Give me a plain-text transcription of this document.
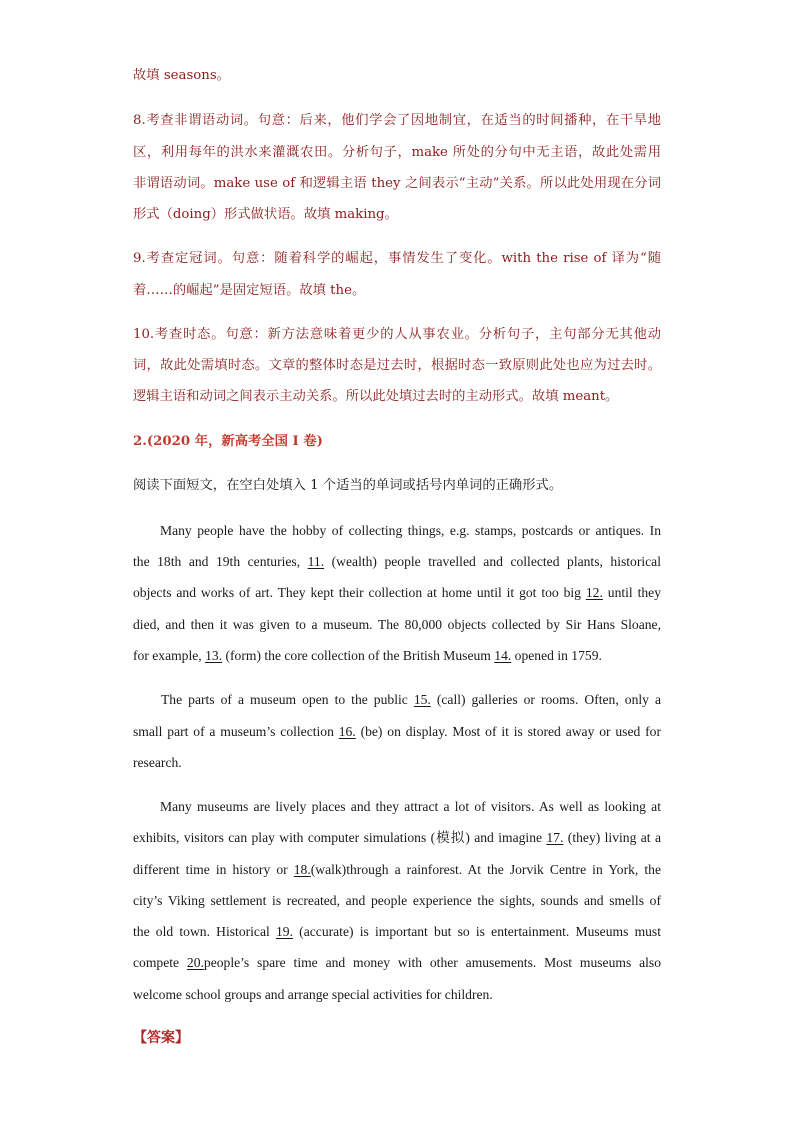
故填 seasons。
8.考查非谓语动词。句意：后来，他们学会了因地制宜，在适当的时间播种，在干旱地
区，利用每年的洪水来灌溉农田。分析句子，make 所处的分句中无主语，故此处需用
非谓语动词。make use of 和逻辑主语 they 之间表示“主动”关系。所以此处用现在分词
形式（doing）形式做状语。故填 making。
9.考查定冠词。句意：随着科学的崛起，事情发生了变化。with the rise of 译为“随
着……的崛起”是固定短语。故填 the。
10.考查时态。句意：新方法意味着更少的人从事农业。分析句子，主句部分无其他动
词，故此处需填时态。文章的整体时态是过去时，根据时态一致原则此处也应为过去时。
逻辑主语和动词之间表示主动关系。所以此处填过去时的主动形式。故填 meant。
2.(2020 年，新高考全国 I 卷)
阅读下面短文，在空白处填入 1 个适当的单词或括号内单词的正确形式。
Many people have the hobby of collecting things, e.g. stamps, postcards or antiques. In
the 18th and 19th centuries, 11. (wealth) people travelled and collected plants, historical
objects and works of art. They kept their collection at home until it got too big 12. until they
died, and then it was given to a museum. The 80,000 objects collected by Sir Hans Sloane,
for example, 13. (form) the core collection of the British Museum 14. opened in 1759.
The parts of a museum open to the public 15. (call) galleries or rooms. Often, only a
small part of a museum’s collection 16. (be) on display. Most of it is stored away or used for
research.
Many museums are lively places and they attract a lot of visitors. As well as looking at
exhibits, visitors can play with computer simulations (模拟) and imagine 17. (they) living at a
different time in history or 18.(walk)through a rainforest. At the Jorvik Centre in York, the
city’s Viking settlement is recreated, and people experience the sights, sounds and smells of
the old town. Historical 19. (accurate) is important but so is entertainment. Museums must
compete 20.people’s spare time and money with other amusements. Most museums also
welcome school groups and arrange special activities for children.
【答案】
